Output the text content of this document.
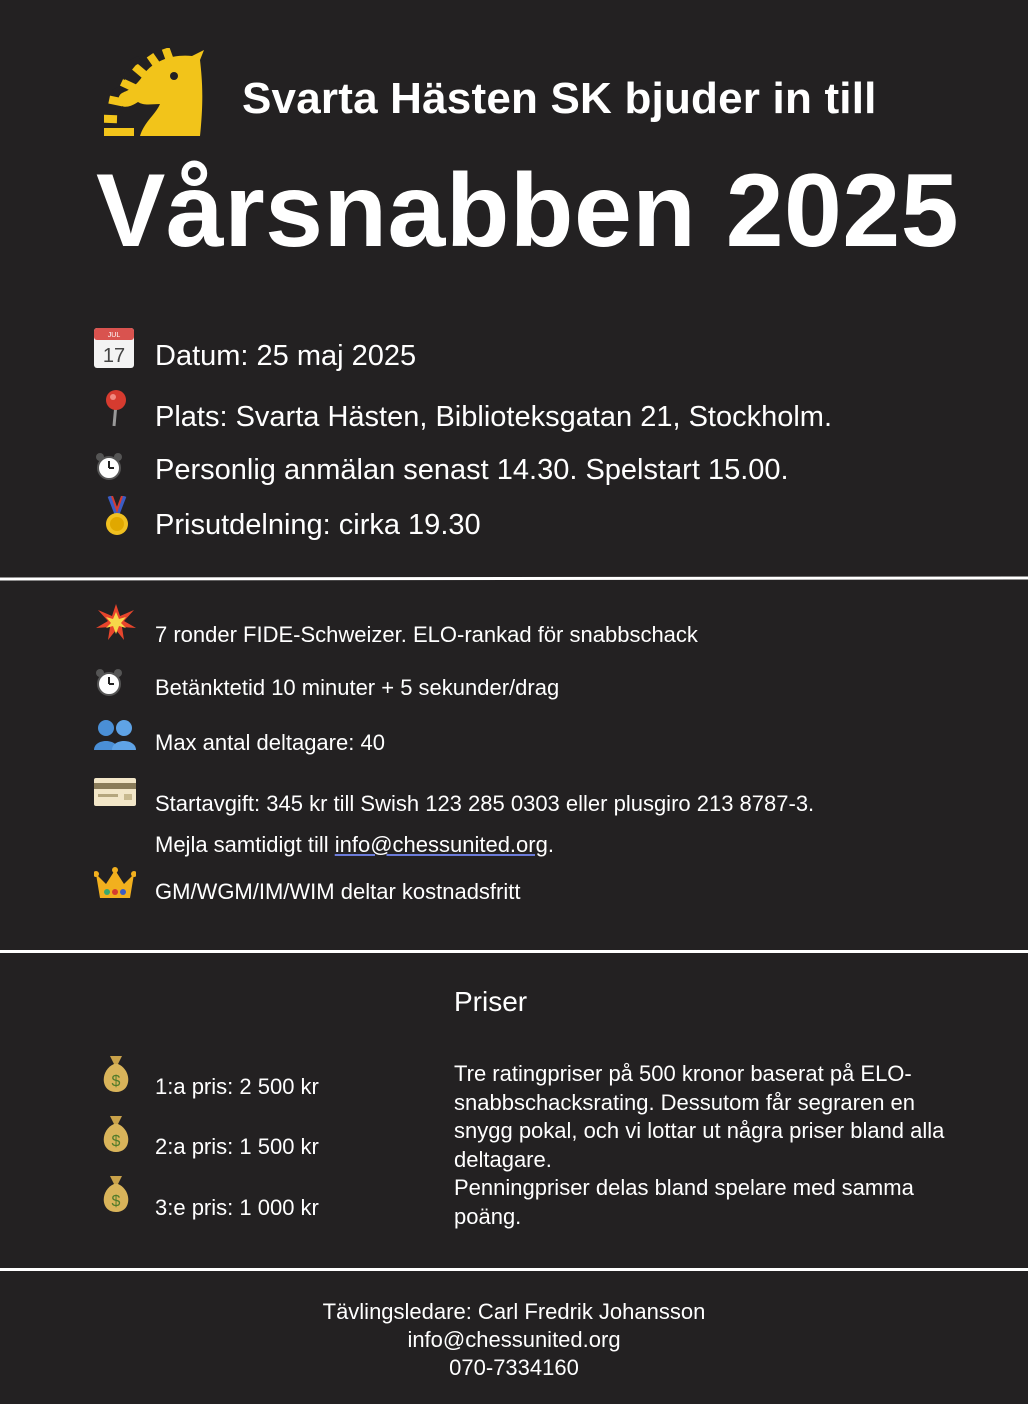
Svarta Hästen SK bjuder in till
Vårsnabben 2025
JUL
17 Datum: 25 maj 2025
Plats: Svarta Hästen, Biblioteksgatan 21, Stockholm.
Personlig anmälan senast 14.30. Spelstart 15.00.
Prisutdelning: cirka 19.30
7 ronder FIDE-Schweizer. ELO-rankad för snabbschack
Betänktetid 10 minuter + 5 sekunder/drag
Max antal deltagare: 40
Startavgift: 345 kr till Swish 123 285 0303 eller plusgiro 213 8787-3.
Mejla samtidigt till info@chessunited.org.
GM/WGM/IM/WIM deltar kostnadsfritt
Priser
$ 1:a pris: 2 500 kr
$ 2:a pris: 1 500 kr
$ 3:e pris: 1 000 kr
Tre ratingpriser på 500 kronor baserat på ELO-snabbschacksrating. Dessutom får segraren en snygg pokal, och vi lottar ut några priser bland alla deltagare.
Penningpriser delas bland spelare med samma poäng.
Tävlingsledare: Carl Fredrik Johansson
info@chessunited.org
070-7334160
